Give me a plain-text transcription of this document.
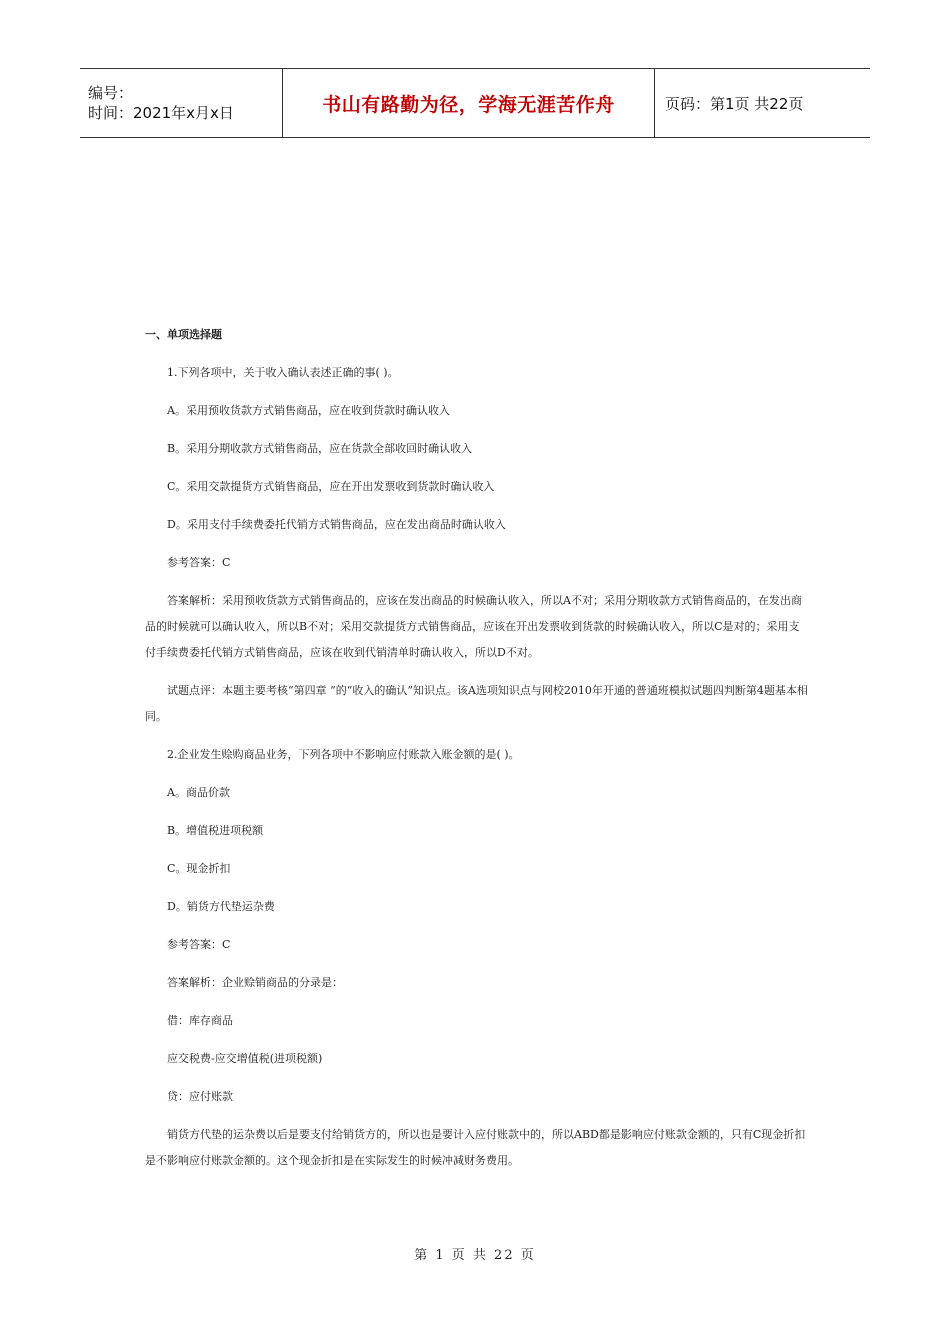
编号：
时间：2021年x月x日	书山有路勤为径，学海无涯苦作舟	页码：第1页 共22页
一、单项选择题

1.下列各项中，关于收入确认表述正确的事( )。

A。采用预收货款方式销售商品，应在收到货款时确认收入

B。采用分期收款方式销售商品，应在货款全部收回时确认收入

C。采用交款提货方式销售商品，应在开出发票收到货款时确认收入

D。采用支付手续费委托代销方式销售商品，应在发出商品时确认收入

参考答案：C

答案解析：采用预收货款方式销售商品的，应该在发出商品的时候确认收入，所以A不对；采用分期收款方式销售商品的，在发出商品的时候就可以确认收入，所以B不对；采用交款提货方式销售商品，应该在开出发票收到货款的时候确认收入，所以C是对的；采用支付手续费委托代销方式销售商品，应该在收到代销清单时确认收入，所以D不对。

试题点评：本题主要考核“第四章 ”的“收入的确认”知识点。该A选项知识点与网校2010年开通的普通班模拟试题四判断第4题基本相同。

2.企业发生赊购商品业务，下列各项中不影响应付账款入账金额的是( )。

A。商品价款

B。增值税进项税额

C。现金折扣

D。销货方代垫运杂费

参考答案：C

答案解析：企业赊销商品的分录是：

借：库存商品

应交税费-应交增值税(进项税额)

贷：应付账款

销货方代垫的运杂费以后是要支付给销货方的，所以也是要计入应付账款中的，所以ABD都是影响应付账款金额的，只有C现金折扣是不影响应付账款金额的。这个现金折扣是在实际发生的时候冲减财务费用。

第 1 页 共 22 页
